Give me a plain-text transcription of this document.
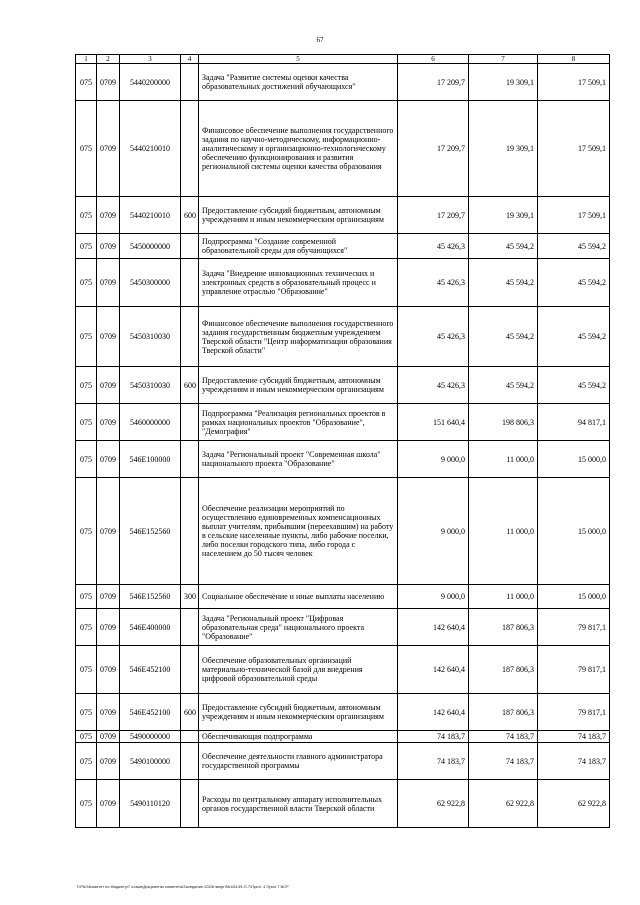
67
1	2	3	4	5	6	7	8
075	0709	5440200000		Задача "Развитие системы оценки качества образовательных достижений обучающихся"	17 209,7	19 309,1	17 509,1
075	0709	5440210010		Финансовое обеспечение выполнения государственного задания по научно-методическому, информационно-аналитическому и организационно-технологическому обеспечению функционирования и развития региональной системы оценки качества образования	17 209,7	19 309,1	17 509,1
075	0709	5440210010	600	Предоставление субсидий бюджетным, автономным учреждениям и иным некоммерческим организациям	17 209,7	19 309,1	17 509,1
075	0709	5450000000		Подпрограмма "Создание современной образовательной среды для обучающихся"	45 426,3	45 594,2	45 594,2
075	0709	5450300000		Задача "Внедрение инновационных технических и электронных средств в образовательный процесс и управление отраслью "Образование"	45 426,3	45 594,2	45 594,2
075	0709	5450310030		Финансовое обеспечение выполнения государственного задания государственным бюджетным учреждением Тверской области "Центр информатизации образования Тверской области"	45 426,3	45 594,2	45 594,2
075	0709	5450310030	600	Предоставление субсидий бюджетным, автономным учреждениям и иным некоммерческим организациям	45 426,3	45 594,2	45 594,2
075	0709	5460000000		Подпрограмма "Реализация региональных проектов в рамках национальных проектов "Образование", "Демография"	151 640,4	198 806,3	94 817,1
075	0709	546E100000		Задача "Региональный проект "Современная школа" национального проекта "Образование"	9 000,0	11 000,0	15 000,0
075	0709	546E152560		Обеспечение реализации мероприятий по осуществлению единовременных компенсационных выплат учителям, прибывшим (переехавшим) на работу в сельские населенные пункты, либо рабочие поселки, либо поселки городского типа, либо города с населением до 50 тысяч человек	9 000,0	11 000,0	15 000,0
075	0709	546E152560	300	Социальное обеспечение и иные выплаты населению	9 000,0	11 000,0	15 000,0
075	0709	546E400000		Задача "Региональный проект "Цифровая образовательная среда" национального проекта "Образование"	142 640,4	187 806,3	79 817,1
075	0709	546E452100		Обеспечение образовательных организаций материально-технической базой для внедрения цифровой образовательной среды	142 640,4	187 806,3	79 817,1
075	0709	546E452100	600	Предоставление субсидий бюджетным, автономным учреждениям и иным некоммерческим организациям	142 640,4	187 806,3	79 817,1
075	0709	5490000000		Обеспечивающая подпрограмма	74 183,7	74 183,7	74 183,7
075	0709	5490100000		Обеспечение деятельности главного администратора государственной программы	74 183,7	74 183,7	74 183,7
075	0709	5490110120		Расходы по центральному аппарату исполнительных органов государственной власти Тверской области	62 922,8	62 922,8	62 922,8
T:\РАЗ\Комитет по бюджету\7 созыв\Документы комитета\Заседание 2023г\март\№18\139-П-7\Прил. 4 Прил.7 ВСР
